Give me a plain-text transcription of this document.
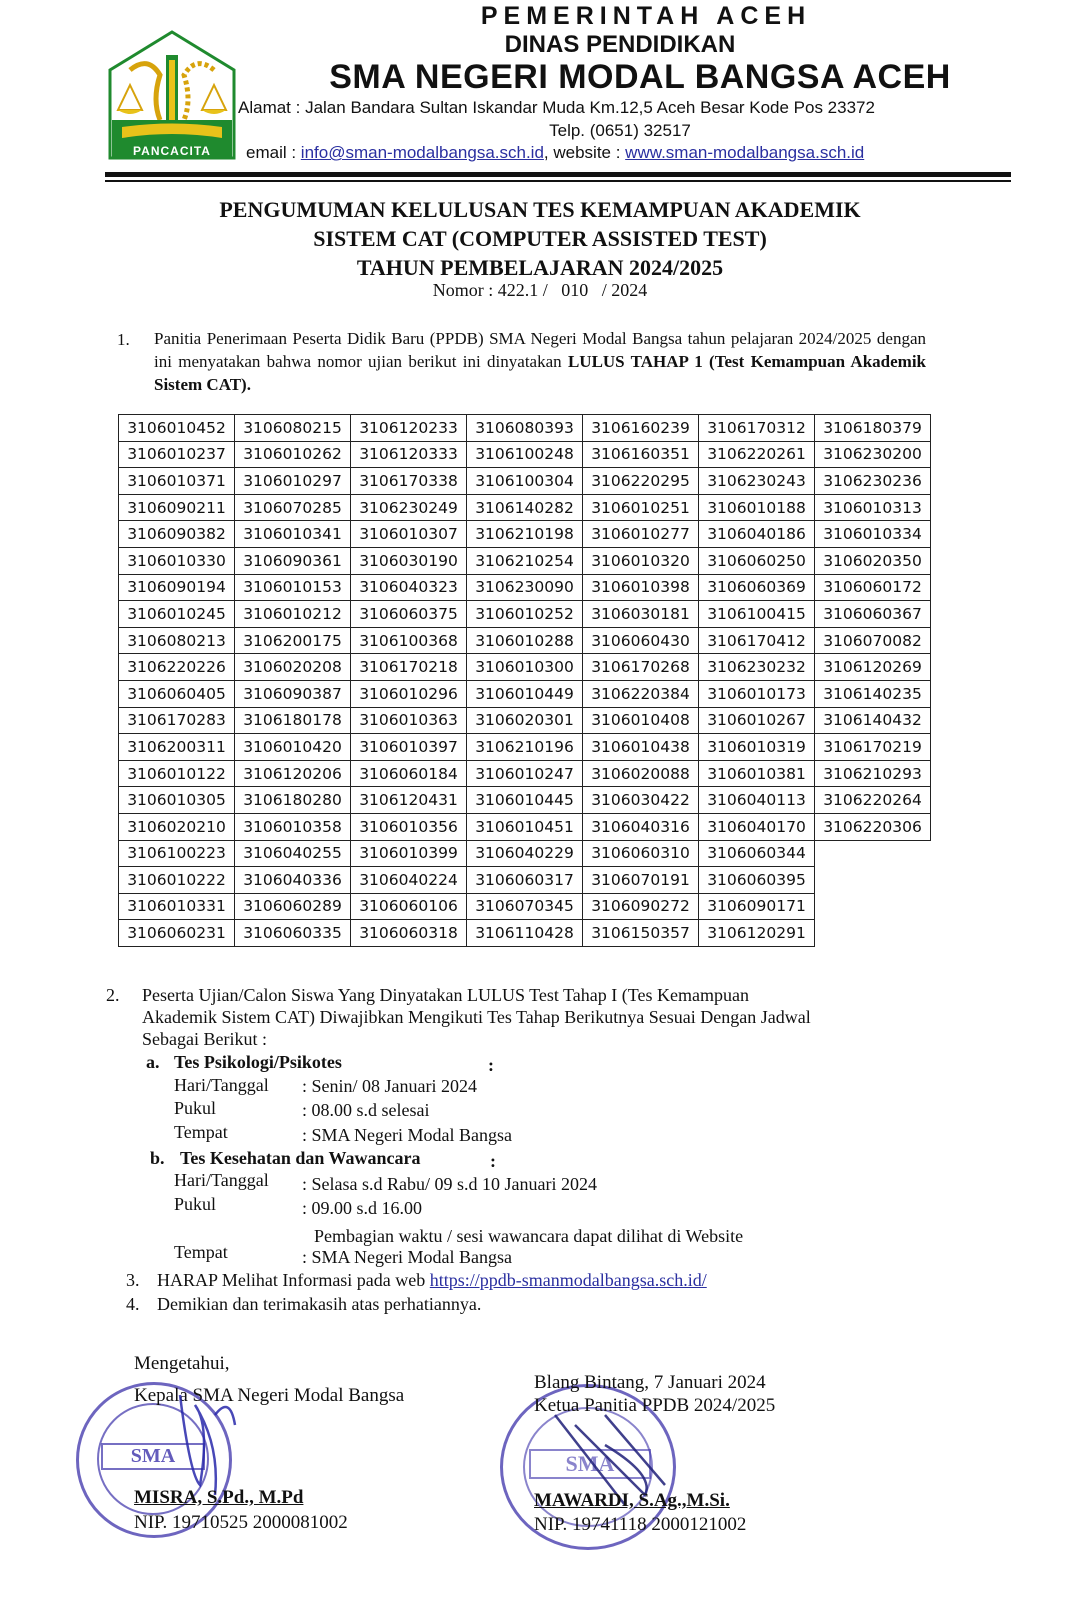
PANCACITA
PEMERINTAH ACEH
DINAS PENDIDIKAN
SMA NEGERI MODAL BANGSA ACEH
Alamat : Jalan Bandara Sultan Iskandar Muda Km.12,5 Aceh Besar Kode Pos 23372
Telp. (0651) 32517
email : info@sman-modalbangsa.sch.id, website : www.sman-modalbangsa.sch.id
PENGUMUMAN KELULUSAN TES KEMAMPUAN AKADEMIK
SISTEM CAT (COMPUTER ASSISTED TEST)
TAHUN PEMBELAJARAN 2024/2025
Nomor : 422.1 /   010   / 2024
1. Panitia Penerimaan Peserta Didik Baru (PPDB) SMA Negeri Modal Bangsa tahun pelajaran 2024/2025 dengan ini menyatakan bahwa nomor ujian berikut ini dinyatakan LULUS TAHAP 1 (Test Kemampuan Akademik Sistem CAT).
3106010452	3106080215	3106120233	3106080393	3106160239	3106170312	3106180379
3106010237	3106010262	3106120333	3106100248	3106160351	3106220261	3106230200
3106010371	3106010297	3106170338	3106100304	3106220295	3106230243	3106230236
3106090211	3106070285	3106230249	3106140282	3106010251	3106010188	3106010313
3106090382	3106010341	3106010307	3106210198	3106010277	3106040186	3106010334
3106010330	3106090361	3106030190	3106210254	3106010320	3106060250	3106020350
3106090194	3106010153	3106040323	3106230090	3106010398	3106060369	3106060172
3106010245	3106010212	3106060375	3106010252	3106030181	3106100415	3106060367
3106080213	3106200175	3106100368	3106010288	3106060430	3106170412	3106070082
3106220226	3106020208	3106170218	3106010300	3106170268	3106230232	3106120269
3106060405	3106090387	3106010296	3106010449	3106220384	3106010173	3106140235
3106170283	3106180178	3106010363	3106020301	3106010408	3106010267	3106140432
3106200311	3106010420	3106010397	3106210196	3106010438	3106010319	3106170219
3106010122	3106120206	3106060184	3106010247	3106020088	3106010381	3106210293
3106010305	3106180280	3106120431	3106010445	3106030422	3106040113	3106220264
3106020210	3106010358	3106010356	3106010451	3106040316	3106040170	3106220306
3106100223	3106040255	3106010399	3106040229	3106060310	3106060344	
3106010222	3106040336	3106040224	3106060317	3106070191	3106060395	
3106010331	3106060289	3106060106	3106070345	3106090272	3106090171	
3106060231	3106060335	3106060318	3106110428	3106150357	3106120291	
2. Peserta Ujian/Calon Siswa Yang Dinyatakan LULUS Test Tahap I (Tes Kemampuan
Akademik Sistem CAT) Diwajibkan Mengikuti Tes Tahap Berikutnya Sesuai Dengan Jadwal
Sebagai Berikut :
a. Tes Psikologi/Psikotes	:
Hari/Tanggal : Senin/ 08 Januari 2024
Pukul	: 08.00 s.d selesai
Tempat	: SMA Negeri Modal Bangsa
b. Tes Kesehatan dan Wawancara	:
Hari/Tanggal : Selasa s.d Rabu/ 09 s.d 10 Januari 2024
Pukul	: 09.00 s.d 16.00
Pembagian waktu / sesi wawancara dapat dilihat di Website
Tempat	: SMA Negeri Modal Bangsa
3. HARAP Melihat Informasi pada web https://ppdb-smanmodalbangsa.sch.id/
4. Demikian dan terimakasih atas perhatiannya.
SMA
Mengetahui,
Kepala SMA Negeri Modal Bangsa
MISRA, S.Pd., M.Pd
NIP. 19710525 2000081002
SMA
Blang Bintang, 7 Januari 2024
Ketua Panitia PPDB 2024/2025
MAWARDI, S.Ag.,M.Si.
NIP. 19741118 2000121002
